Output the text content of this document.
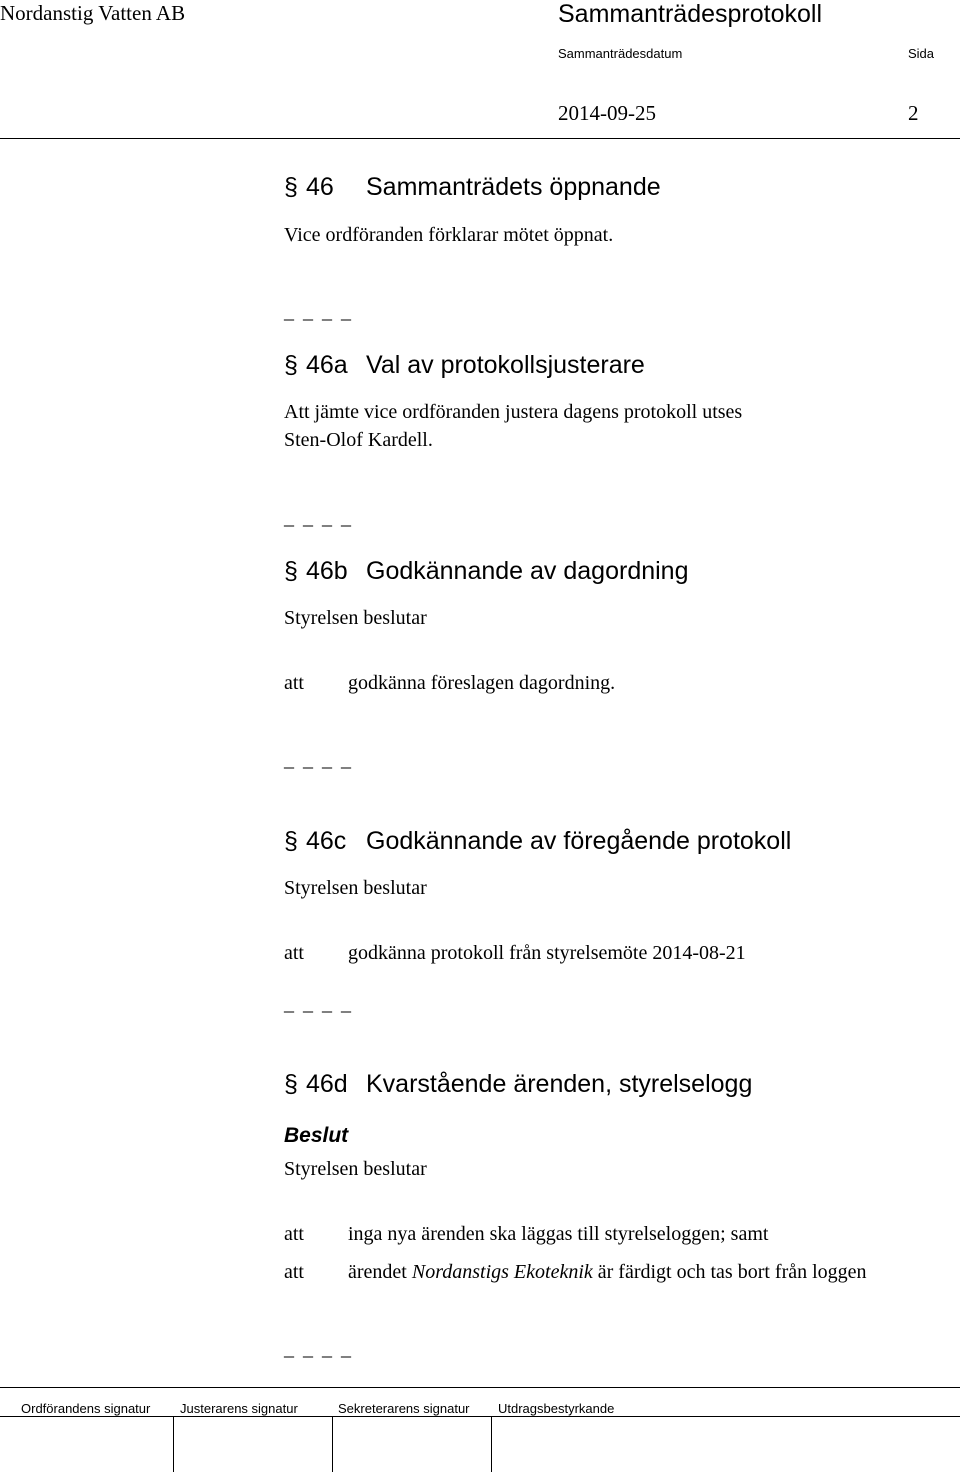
Nordanstig Vatten AB	Sammanträdesprotokoll
Sammanträdesdatum	Sida
2014-09-25	2
§ 46 Sammanträdets öppnande
Vice ordföranden förklarar mötet öppnat.
_ _ _ _
§ 46a Val av protokollsjusterare
Att jämte vice ordföranden justera dagens protokoll utses
Sten-Olof Kardell.
_ _ _ _
§ 46b Godkännande av dagordning
Styrelsen beslutar
att godkänna föreslagen dagordning.
_ _ _ _
§ 46c Godkännande av föregående protokoll
Styrelsen beslutar
att godkänna protokoll från styrelsemöte 2014-08-21
_ _ _ _
§ 46d Kvarstående ärenden, styrelselogg
Beslut
Styrelsen beslutar
att inga nya ärenden ska läggas till styrelseloggen; samt
att ärendet Nordanstigs Ekoteknik är färdigt och tas bort från loggen
_ _ _ _
Ordförandens signatur Justerarens signatur	Sekreterarens signatur Utdragsbestyrkande
